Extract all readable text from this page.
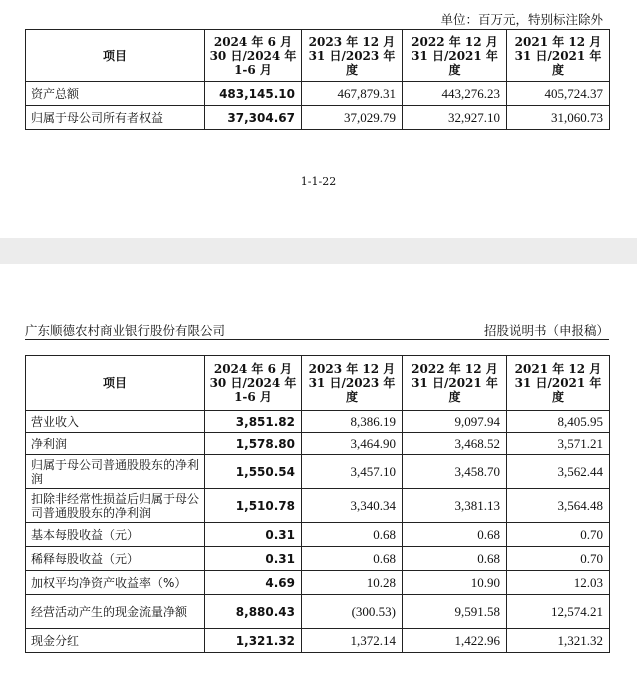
单位：百万元，特别标注除外
项目	2024 年 6 月 30 日/2024 年 1-6 月	2023 年 12 月 31 日/2023 年度	2022 年 12 月 31 日/2021 年度	2021 年 12 月 31 日/2021 年度
资产总额	483,145.10	467,879.31	443,276.23	405,724.37
归属于母公司所有者权益	37,304.67	37,029.79	32,927.10	31,060.73
1-1-22
广东顺德农村商业银行股份有限公司	招股说明书（申报稿）
项目	2024 年 6 月 30 日/2024 年 1-6 月	2023 年 12 月 31 日/2023 年度	2022 年 12 月 31 日/2021 年度	2021 年 12 月 31 日/2021 年度
营业收入	3,851.82	8,386.19	9,097.94	8,405.95
净利润	1,578.80	3,464.90	3,468.52	3,571.21
归属于母公司普通股股东的净利润	1,550.54	3,457.10	3,458.70	3,562.44
扣除非经常性损益后归属于母公司普通股股东的净利润	1,510.78	3,340.34	3,381.13	3,564.48
基本每股收益（元）	0.31	0.68	0.68	0.70
稀释每股收益（元）	0.31	0.68	0.68	0.70
加权平均净资产收益率（%）	4.69	10.28	10.90	12.03
经营活动产生的现金流量净额	8,880.43	(300.53)	9,591.58	12,574.21
现金分红	1,321.32	1,372.14	1,422.96	1,321.32
